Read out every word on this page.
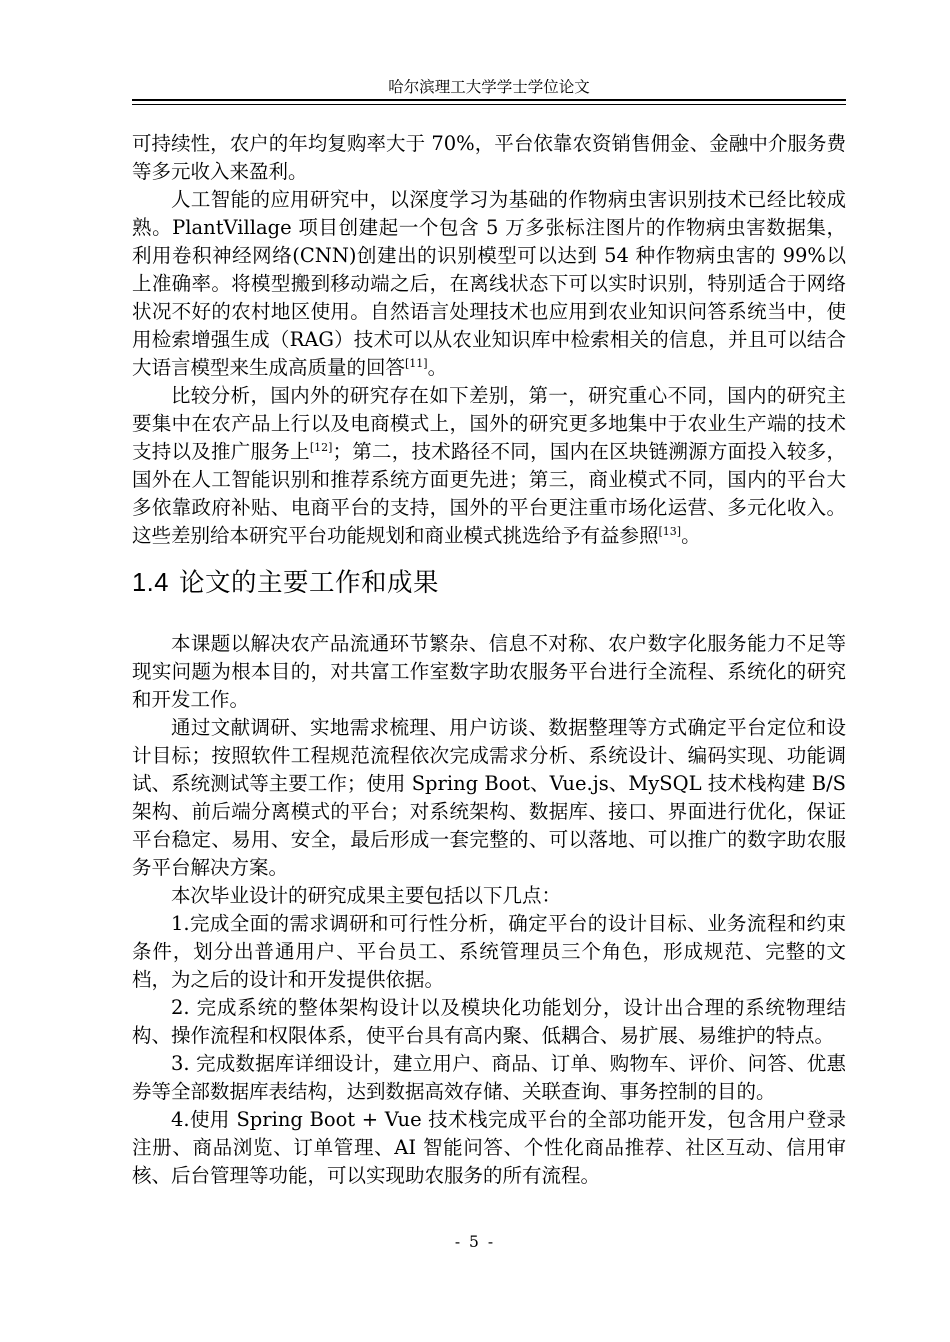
哈尔滨理工大学学士学位论文

可持续性，农户的年均复购率大于 70%，平台依靠农资销售佣金、金融中介服务费等多元收入来盈利。

人工智能的应用研究中，以深度学习为基础的作物病虫害识别技术已经比较成熟。PlantVillage 项目创建起一个包含 5 万多张标注图片的作物病虫害数据集，利用卷积神经网络(CNN)创建出的识别模型可以达到 54 种作物病虫害的 99%以上准确率。将模型搬到移动端之后，在离线状态下可以实时识别，特别适合于网络状况不好的农村地区使用。自然语言处理技术也应用到农业知识问答系统当中，使用检索增强生成（RAG）技术可以从农业知识库中检索相关的信息，并且可以结合大语言模型来生成高质量的回答[11]。

比较分析，国内外的研究存在如下差别，第一，研究重心不同，国内的研究主要集中在农产品上行以及电商模式上，国外的研究更多地集中于农业生产端的技术支持以及推广服务上[12]；第二，技术路径不同，国内在区块链溯源方面投入较多，国外在人工智能识别和推荐系统方面更先进；第三，商业模式不同，国内的平台大多依靠政府补贴、电商平台的支持，国外的平台更注重市场化运营、多元化收入。这些差别给本研究平台功能规划和商业模式挑选给予有益参照[13]。

1.4 论文的主要工作和成果

本课题以解决农产品流通环节繁杂、信息不对称、农户数字化服务能力不足等现实问题为根本目的，对共富工作室数字助农服务平台进行全流程、系统化的研究和开发工作。

通过文献调研、实地需求梳理、用户访谈、数据整理等方式确定平台定位和设计目标；按照软件工程规范流程依次完成需求分析、系统设计、编码实现、功能调试、系统测试等主要工作；使用 Spring Boot、Vue.js、MySQL 技术栈构建 B/S 架构、前后端分离模式的平台；对系统架构、数据库、接口、界面进行优化，保证平台稳定、易用、安全，最后形成一套完整的、可以落地、可以推广的数字助农服务平台解决方案。

本次毕业设计的研究成果主要包括以下几点：

1.完成全面的需求调研和可行性分析，确定平台的设计目标、业务流程和约束条件，划分出普通用户、平台员工、系统管理员三个角色，形成规范、完整的文档，为之后的设计和开发提供依据。

2. 完成系统的整体架构设计以及模块化功能划分，设计出合理的系统物理结构、操作流程和权限体系，使平台具有高内聚、低耦合、易扩展、易维护的特点。

3. 完成数据库详细设计，建立用户、商品、订单、购物车、评价、问答、优惠券等全部数据库表结构，达到数据高效存储、关联查询、事务控制的目的。

4.使用 Spring Boot + Vue 技术栈完成平台的全部功能开发，包含用户登录注册、商品浏览、订单管理、AI 智能问答、个性化商品推荐、社区互动、信用审核、后台管理等功能，可以实现助农服务的所有流程。

- 5 -
